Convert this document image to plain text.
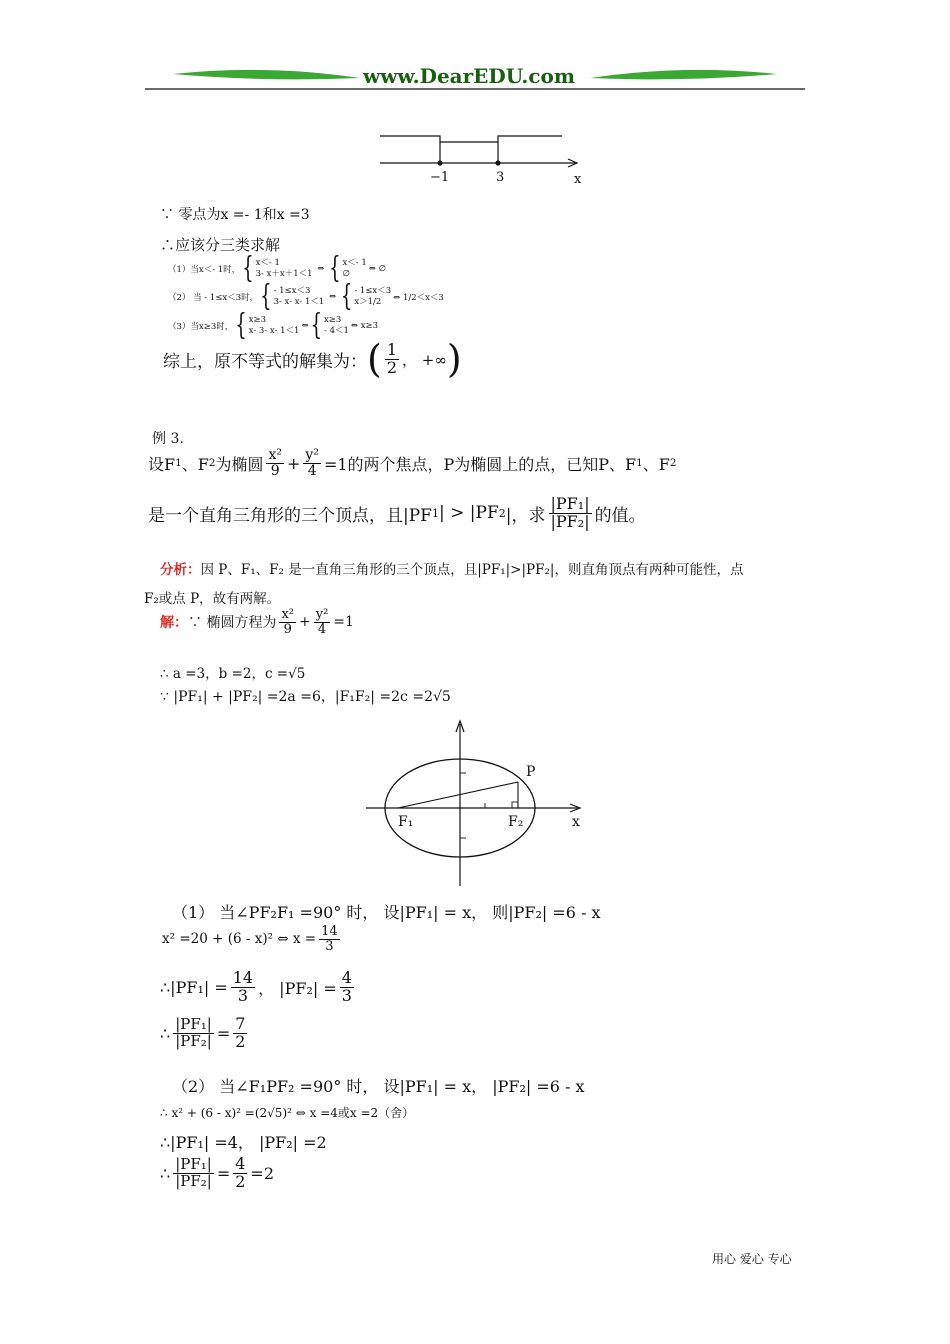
www.DearEDU.com
−1	3	x
∵ 零点为x =- 1和x =3
∴应该分三类求解
（1）当x＜- 1时， { x＜- 1
3- x＋x＋1＜1 ⇔ { x＜- 1
∅	⇔ ∅
（2） 当 - 1≤x＜3时， { - 1≤x＜3
3- x- x- 1＜1 ⇔ { - 1≤x＜3
x＞1/2	⇔ 1/2＜x＜3
（3）当x≥3时， { x≥3
x- 3- x- 1＜1 ⇔ { x≥3
- 4＜1 ⇔ x≥3
综上，原不等式的解集为： ( $\frac{1}{2}$ ， +∞ )
例 3.
设F 1 、F 2 为椭圆 $\frac{\text{x²}}{9} + \frac{\text{y²}}{4} =1$的两个焦点，P为椭圆上的点，已知P、F 1 、F 2
是一个直角三角形的三个顶点，且|PF 1 | > |PF 2 |，求 $\frac{\text{|PF₁|}}{\text{|PF₂|}}$ 的值。
分析：因 P、F₁、F₂ 是一直角三角形的三个顶点，且|PF₁|>|PF₂|，则直角顶点有两种可能性，点
F₂或点 P，故有两解。
解： ∵ 椭圆方程为 $\frac{\text{x²}}{9} + \frac{\text{y²}}{4} =1$
∴ a =3，b =2，c =√5
∵ |PF₁| + |PF₂| =2a =6，|F₁F₂| =2c =2√5
P
F₁	F₂	x
（1） 当∠PF₂F₁ =90° 时， 设|PF₁| = x， 则|PF₂| =6 - x
x² =20 + (6 - x)² ⇔ $x = \frac{14}{3}$
∴|PF₁| = $\frac{14}{3}$ ， $|PF_2| = \frac{4}{3}$
∴ $\frac{\text{|PF₁|}}{\text{|PF₂|}} = \frac{7}{2}$
（2） 当∠F₁PF₂ =90° 时， 设|PF₁| = x， |PF₂| =6 - x
∴ x² + (6 - x)² =(2√5)² ⇔ x =4或x =2（舍）
∴|PF₁| =4， |PF₂| =2
∴ $\frac{\text{|PF₁|}}{\text{|PF₂|}} = \frac{4}{2} =2$
用心 爱心 专心
